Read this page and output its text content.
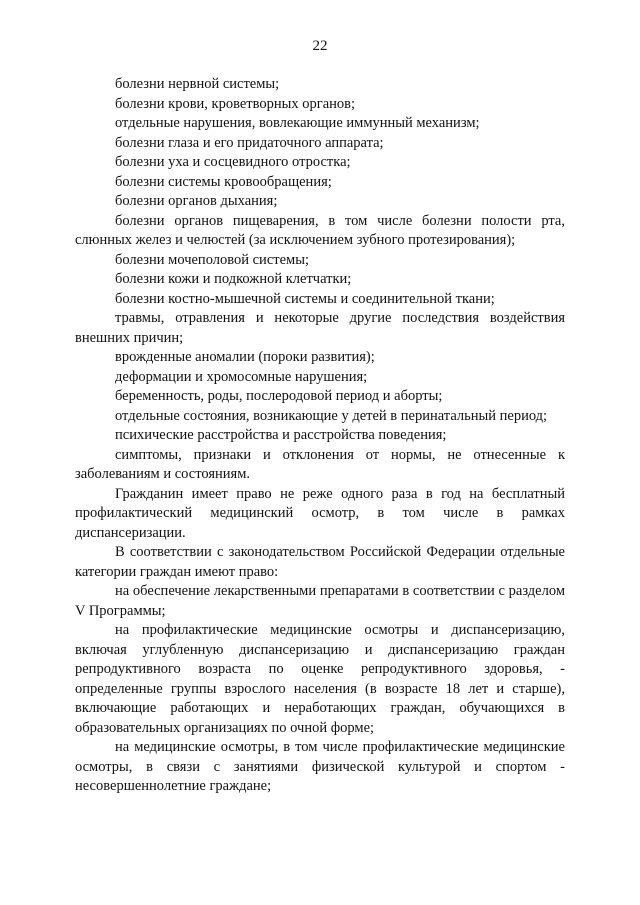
22

болезни нервной системы;

болезни крови, кроветворных органов;

отдельные нарушения, вовлекающие иммунный механизм;

болезни глаза и его придаточного аппарата;

болезни уха и сосцевидного отростка;

болезни системы кровообращения;

болезни органов дыхания;

болезни органов пищеварения, в том числе болезни полости рта, слюнных желез и челюстей (за исключением зубного протезирования);

болезни мочеполовой системы;

болезни кожи и подкожной клетчатки;

болезни костно-мышечной системы и соединительной ткани;

травмы, отравления и некоторые другие последствия воздействия внешних причин;

врожденные аномалии (пороки развития);

деформации и хромосомные нарушения;

беременность, роды, послеродовой период и аборты;

отдельные состояния, возникающие у детей в перинатальный период;

психические расстройства и расстройства поведения;

симптомы, признаки и отклонения от нормы, не отнесенные к заболеваниям и состояниям.

Гражданин имеет право не реже одного раза в год на бесплатный профилактический медицинский осмотр, в том числе в рамках диспансеризации.

В соответствии с законодательством Российской Федерации отдельные категории граждан имеют право:

на обеспечение лекарственными препаратами в соответствии с разделом V Программы;

на профилактические медицинские осмотры и диспансеризацию, включая углубленную диспансеризацию и диспансеризацию граждан репродуктивного возраста по оценке репродуктивного здоровья, - определенные группы взрослого населения (в возрасте 18 лет и старше), включающие работающих и неработающих граждан, обучающихся в образовательных организациях по очной форме;

на медицинские осмотры, в том числе профилактические медицинские осмотры, в связи с занятиями физической культурой и спортом - несовершеннолетние граждане;
